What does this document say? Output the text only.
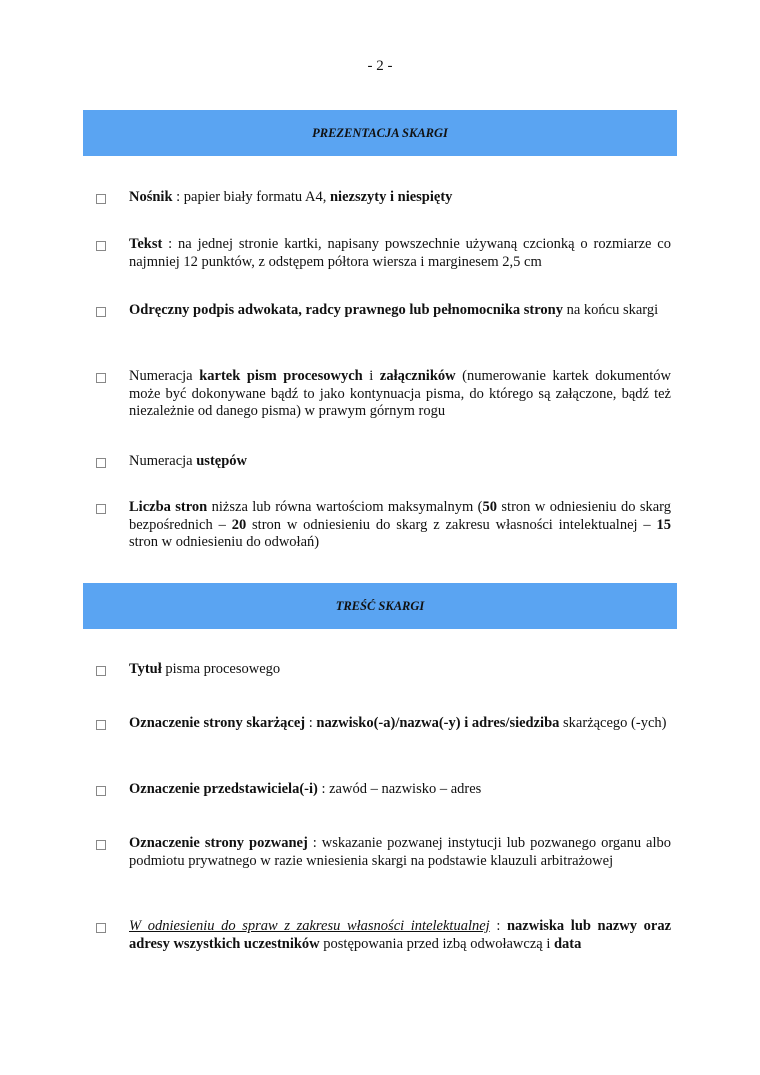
- 2 -
PREZENTACJA SKARGI
Nośnik : papier biały formatu A4, niezszyty i niespięty
Tekst : na jednej stronie kartki, napisany powszechnie używaną czcionką o rozmiarze co najmniej 12 punktów, z odstępem półtora wiersza i marginesem 2,5 cm
Odręczny podpis adwokata, radcy prawnego lub pełnomocnika strony na końcu skargi
Numeracja kartek pism procesowych i załączników (numerowanie kartek dokumentów może być dokonywane bądź to jako kontynuacja pisma, do którego są załączone, bądź też niezależnie od danego pisma) w prawym górnym rogu
Numeracja ustępów
Liczba stron niższa lub równa wartościom maksymalnym (50 stron w odniesieniu do skarg bezpośrednich – 20 stron w odniesieniu do skarg z zakresu własności intelektualnej – 15 stron w odniesieniu do odwołań)
TREŚĆ SKARGI
Tytuł pisma procesowego
Oznaczenie strony skarżącej : nazwisko(-a)/nazwa(-y) i adres/siedziba skarżącego (-ych)
Oznaczenie przedstawiciela(-i) : zawód – nazwisko – adres
Oznaczenie strony pozwanej : wskazanie pozwanej instytucji lub pozwanego organu albo podmiotu prywatnego w razie wniesienia skargi na podstawie klauzuli arbitrażowej
W odniesieniu do spraw z zakresu własności intelektualnej : nazwiska lub nazwy oraz adresy wszystkich uczestników postępowania przed izbą odwoławczą i data
